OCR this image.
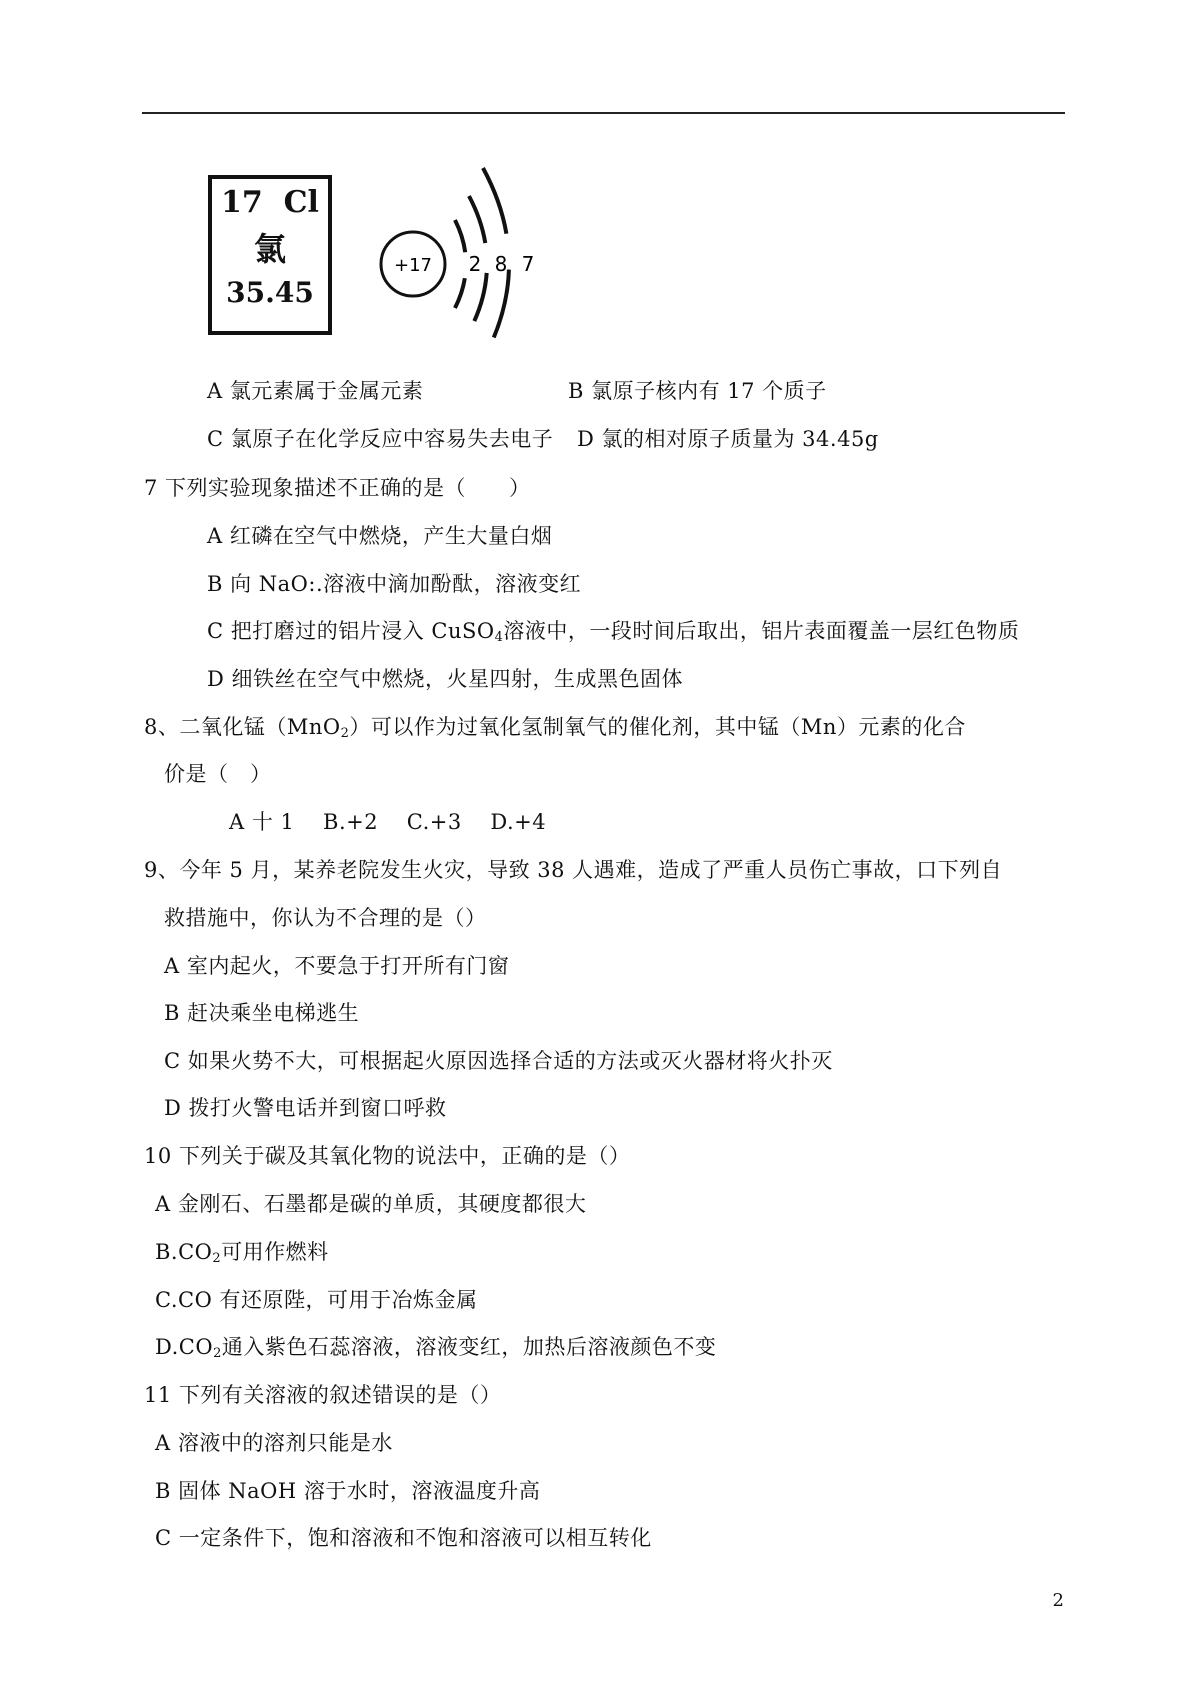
17 Cl
氯
35.45
+17 2 8 7
A 氯元素属于金属元素	B 氯原子核内有 17 个质子
C 氯原子在化学反应中容易失去电子 D 氯的相对原子质量为 34.45g
7 下列实验现象描述不正确的是（　　）
A 红磷在空气中燃烧，产生大量白烟
B 向 NaO:.溶液中滴加酚酞，溶液变红
C 把打磨过的铝片浸入 CuSO$_4$溶液中，一段时间后取出，铝片表面覆盖一层红色物质
D 细铁丝在空气中燃烧，火星四射，生成黑色固体
8、二氧化锰（MnO$_2$）可以作为过氧化氢制氧气的催化剂，其中锰（Mn）元素的化合
价是（　）
A 十 1　 B.+2　 C.+3　 D.+4
9、今年 5 月，某养老院发生火灾，导致 38 人遇难，造成了严重人员伤亡事故，口下列自
救措施中，你认为不合理的是（）
A 室内起火，不要急于打开所有门窗
B 赶决乘坐电梯逃生
C 如果火势不大，可根据起火原因选择合适的方法或灭火器材将火扑灭
D 拨打火警电话并到窗口呼救
10 下列关于碳及其氧化物的说法中，正确的是（）
A 金刚石、石墨都是碳的单质，其硬度都很大
$B.CO_2$可用作燃料
C.CO 有还原陛，可用于冶炼金属
$D.CO_2$通入紫色石蕊溶液，溶液变红，加热后溶液颜色不变
11 下列有关溶液的叙述错误的是（）
A 溶液中的溶剂只能是水
B 固体 NaOH 溶于水时，溶液温度升高
C 一定条件下，饱和溶液和不饱和溶液可以相互转化
2
